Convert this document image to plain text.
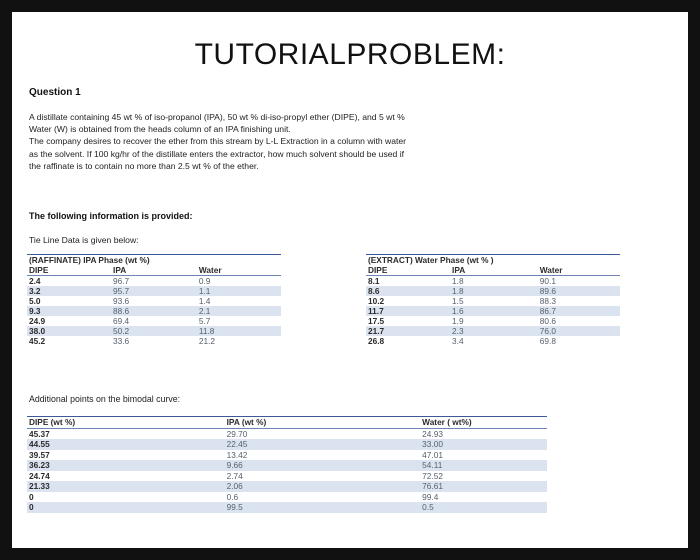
TUTORIALPROBLEM:
Question 1
A distillate containing 45 wt % of iso-propanol (IPA), 50 wt % di-iso-propyl ether (DIPE), and 5 wt %
Water (W) is obtained from the heads column of an IPA finishing unit.
The company desires to recover the ether from this stream by L-L Extraction in a column with water
as the solvent. If 100 kg/hr of the distillate enters the extractor, how much solvent should be used if
the raffinate is to contain no more than 2.5 wt % of the ether.
The following information is provided:
Tie Line Data is given below:
(RAFFINATE) IPA Phase (wt %)		
DIPE	IPA	Water
2.4	96.7	0.9
3.2	95.7	1.1
5.0	93.6	1.4
9.3	88.6	2.1
24.9	69.4	5.7
38.0	50.2	11.8
45.2	33.6	21.2
(EXTRACT) Water Phase (wt % )		
DIPE	IPA	Water
8.1	1.8	90.1
8.6	1.8	89.6
10.2	1.5	88.3
11.7	1.6	86.7
17.5	1.9	80.6
21.7	2.3	76.0
26.8	3.4	69.8
Additional points on the bimodal curve:
DIPE (wt %)	IPA (wt %)	Water ( wt%)
45.37	29.70	24.93
44.55	22.45	33.00
39.57	13.42	47.01
36.23	9.66	54.11
24.74	2.74	72.52
21.33	2.06	76.61
0	0.6	99.4
0	99.5	0.5
